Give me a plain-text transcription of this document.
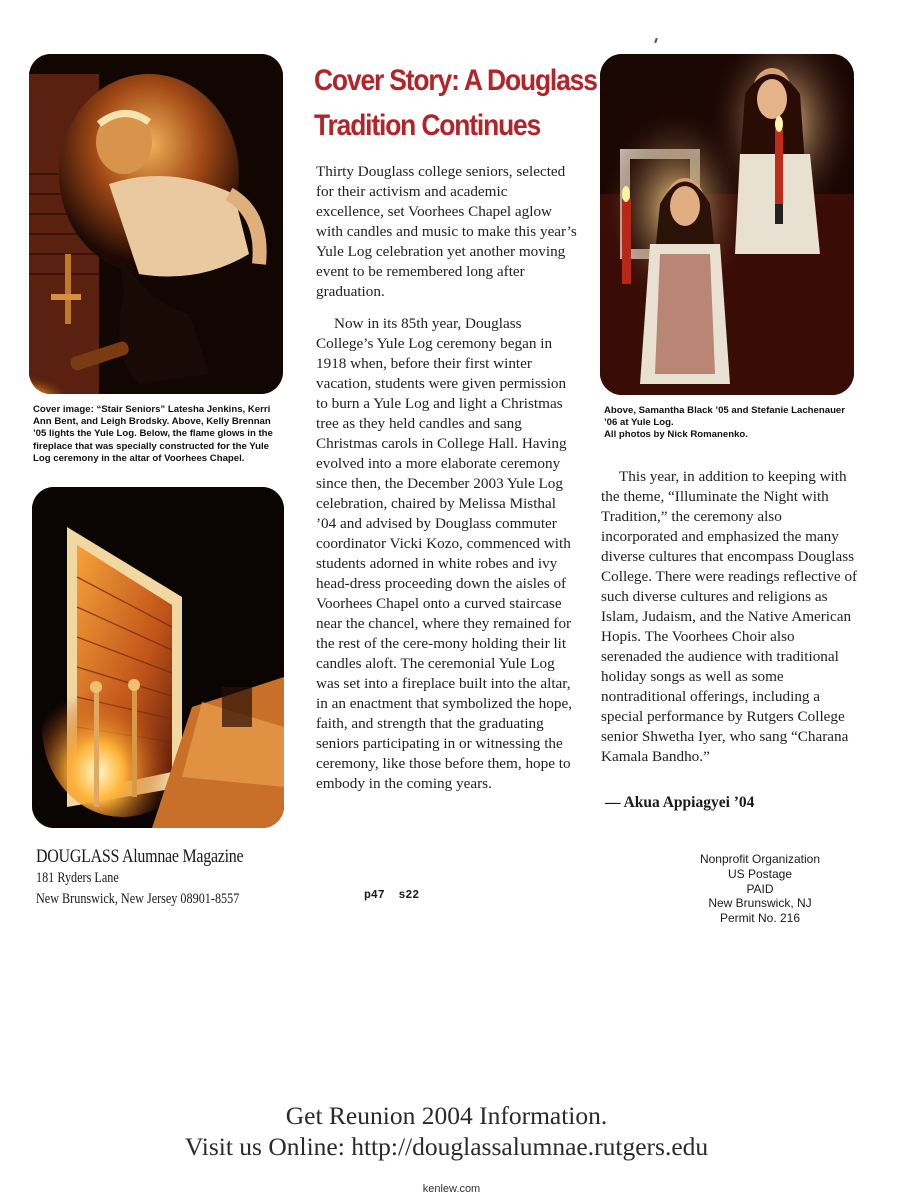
Cover image: “Stair Seniors” Latesha Jenkins, Kerri Ann Bent, and Leigh Brodsky. Above, Kelly Brennan ’05 lights the Yule Log. Below, the flame glows in the fireplace that was specially constructed for the Yule Log ceremony in the altar of Voorhees Chapel.
Above, Samantha Black ’05 and Stefanie Lachenauer ’06 at Yule Log.
All photos by Nick Romanenko.
Cover Story: A Douglass
Tradition Continues

Thirty Douglass college seniors, selected for their activism and academic excellence, set Voorhees Chapel aglow with candles and music to make this year’s Yule Log celebration yet another moving event to be remembered long after graduation.

Now in its 85th year, Douglass College’s Yule Log ceremony began in 1918 when, before their first winter vacation, students were given permission to burn a Yule Log and light a Christmas tree as they held candles and sang Christmas carols in College Hall. Having evolved into a more elaborate ceremony since then, the December 2003 Yule Log celebration, chaired by Melissa Misthal ’04 and advised by Douglass commuter coordinator Vicki Kozo, commenced with students adorned in white robes and ivy head-dress proceeding down the aisles of Voorhees Chapel onto a curved staircase near the chancel, where they remained for the rest of the cere-mony holding their lit candles aloft. The ceremonial Yule Log was set into a fireplace built into the altar, in an enactment that symbolized the hope, faith, and strength that the graduating seniors participating in or witnessing the ceremony, like those before them, hope to embody in the coming years.

This year, in addition to keeping with the theme, “Illuminate the Night with Tradition,” the ceremony also incorporated and emphasized the many diverse cultures that encompass Douglass College. There were readings reflective of such diverse cultures and religions as Islam, Judaism, and the Native American Hopis. The Voorhees Choir also serenaded the audience with traditional holiday songs as well as some nontraditional offerings, including a special performance by Rutgers College senior Shwetha Iyer, who sang “Charana Kamala Bandho.”

— Akua Appiagyei ’04
DOUGLASS Alumnae Magazine
181 Ryders Lane
New Brunswick, New Jersey 08901-8557	p47  s22
Nonprofit Organization
US Postage
PAID
New Brunswick, NJ
Permit No. 216
Get Reunion 2004 Information.
Visit us Online: http://douglassalumnae.rutgers.edu
kenlew.com
